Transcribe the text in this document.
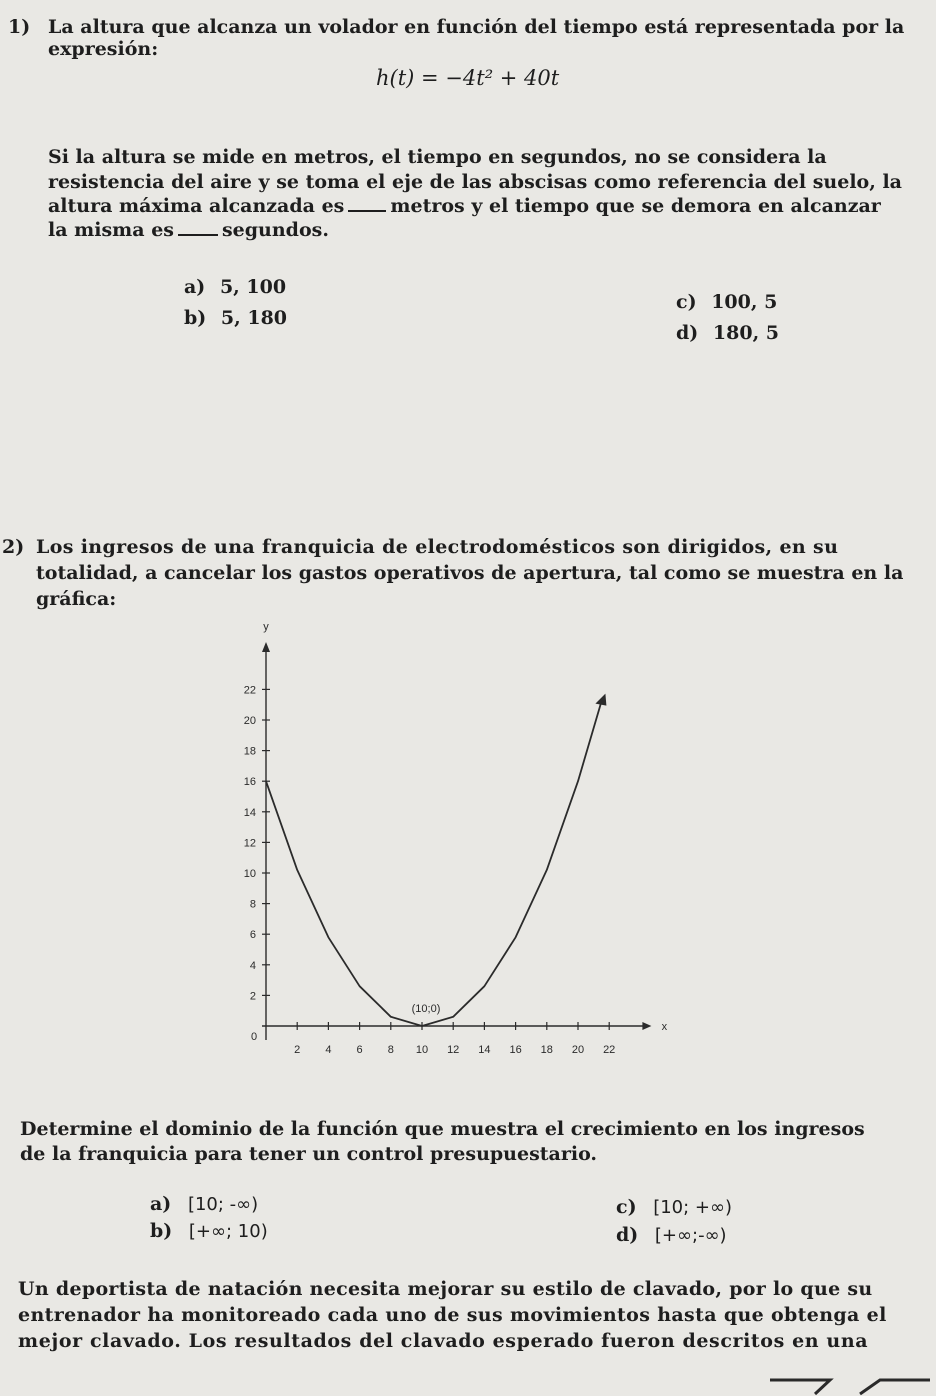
1) La altura que alcanza un volador en función del tiempo está representada por la
expresión:
h(t) = −4t² + 40t
Si la altura se mide en metros, el tiempo en segundos, no se considera la
resistencia del aire y se toma el eje de las abscisas como referencia del suelo, la
altura máxima alcanzada es metros y el tiempo que se demora en alcanzar
la misma es	segundos.
a) 5, 100
b) 5, 180
c) 100, 5
d) 180, 5
2) Los ingresos de una franquicia de electrodomésticos son dirigidos, en su
totalidad, a cancelar los gastos operativos de apertura, tal como se muestra en la
gráfica:
y
x
0
2 4 6 8 10 12 14 16 18 20 22
2
4
6
8
10
12
14
16
18
20
22
(10;0)
Determine el dominio de la función que muestra el crecimiento en los ingresos
de la franquicia para tener un control presupuestario.
a) [10; -∞)
b) [+∞; 10)
c) [10; +∞)
d) [+∞;-∞)
Un deportista de natación necesita mejorar su estilo de clavado, por lo que su
entrenador ha monitoreado cada uno de sus movimientos hasta que obtenga el
mejor clavado. Los resultados del clavado esperado fueron descritos en una
